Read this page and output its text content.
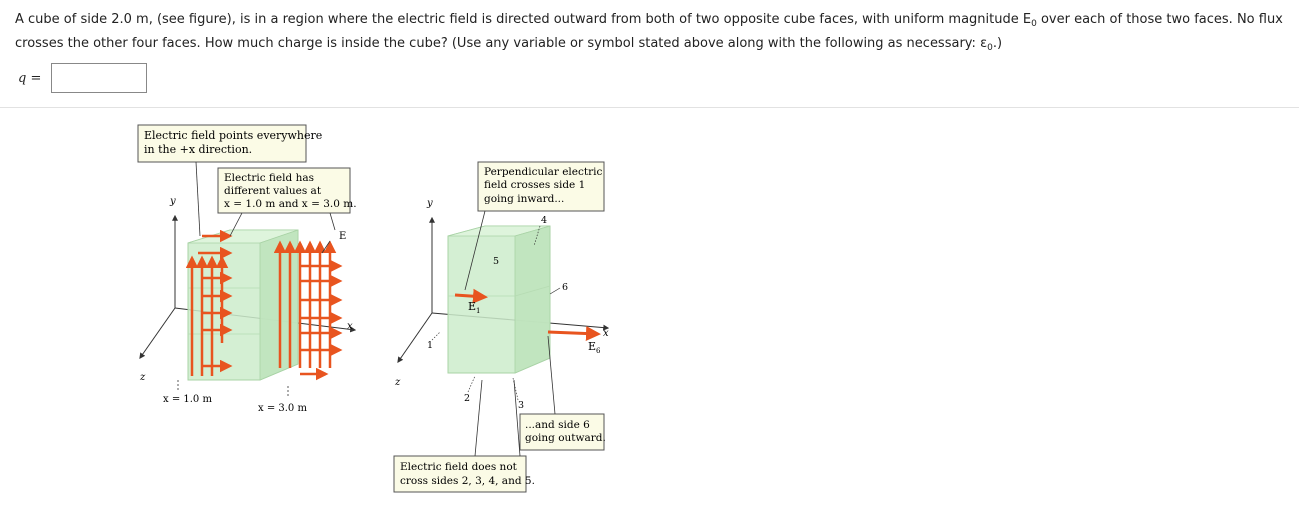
A cube of side 2.0 m, (see figure), is in a region where the electric field is directed outward from both of two opposite cube faces, with uniform magnitude $E_0$ over each of those two faces. No flux crosses the other four faces. How much charge is inside the cube? (Use any variable or symbol stated above along with the following as necessary: $\varepsilon_0$.)
q =
y
x
z
E
x = 1.0 m
x = 3.0 m
Electric field points everywhere
in the +x direction.
Electric field has
different values at
x = 1.0 m and x = 3.0 m.	y
x
z
$E_1$
$E_6$
1
2
3
4
5
6
Perpendicular electric
field crosses side 1
going inward...
...and side 6
going outward.
Electric field does not
cross sides 2, 3, 4, and 5.
